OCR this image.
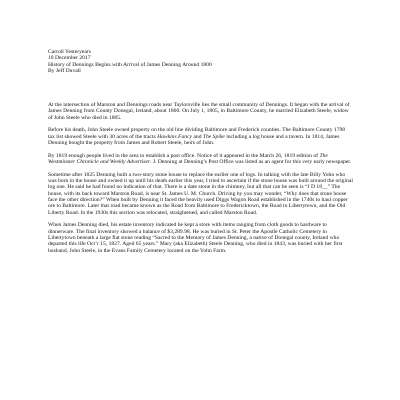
Carroll Yesteryears
10 December 2017
History of Dennings Begins with Arrival of James Denning Around 1800
By Jeff Duvall

At the intersection of Marston and Dennings roads near Taylorsville lies the small community of Dennings. It began with the arrival of James Denning from County Donegal, Ireland, about 1800. On July 1, 1805, in Baltimore County, he married Elizabeth Steele, widow of John Steele who died in 1805.

Before his death, John Steele owned property on the old line dividing Baltimore and Frederick counties. The Baltimore County 1798 tax list showed Steele with 30 acres of the tracts Hawkins Fancy and The Spike including a log house and a tavern. In 1814, James Denning bought the property from James and Robert Steele, heirs of John.

By 1819 enough people lived in the area to establish a post office. Notice of it appeared in the March 26, 1819 edition of The Westminster Chronicle and Weekly Advertiser. J. Denning at Denning’s Post Office was listed as an agent for this very early newspaper.

Sometime after 1825 Denning built a two-story stone house to replace the earlier one of logs. In talking with the late Billy Yohn who was born in the house and owned it up until his death earlier this year, I tried to ascertain if the stone house was built around the original log one. He said he had found no indication of that. There is a date stone in the chimney, but all that can be seen is “J D 18__” The house, with its back toward Marston Road, is near St. James U. M. Church. Driving by you may wonder, “Why does that stone house face the other direction?” When built by Denning it faced the heavily used Diggs Wagon Road established in the 1740s to haul copper ore to Baltimore. Later that road became known as the Road from Baltimore to Fredericktown, the Road to Libertytown, and the Old Liberty Road. In the 1930s this section was relocated, straightened, and called Marston Road.

When James Denning died, his estate inventory indicated he kept a store with items ranging from cloth goods to hardware to dinnerware. The final inventory showed a balance of $3,289.98. He was buried in St. Peter the Apostle Catholic Cemetery in Libertytown beneath a large flat stone reading “Sacred to the Memory of James Denning, a native of Donegal county, Ireland who departed this life Oct’r 15, 1827. Aged 65 years.” Mary (aka Elizabeth) Steele Denning, who died in 1843, was buried with her first husband, John Steele, in the Evans Family Cemetery located on the Yohn Farm.
